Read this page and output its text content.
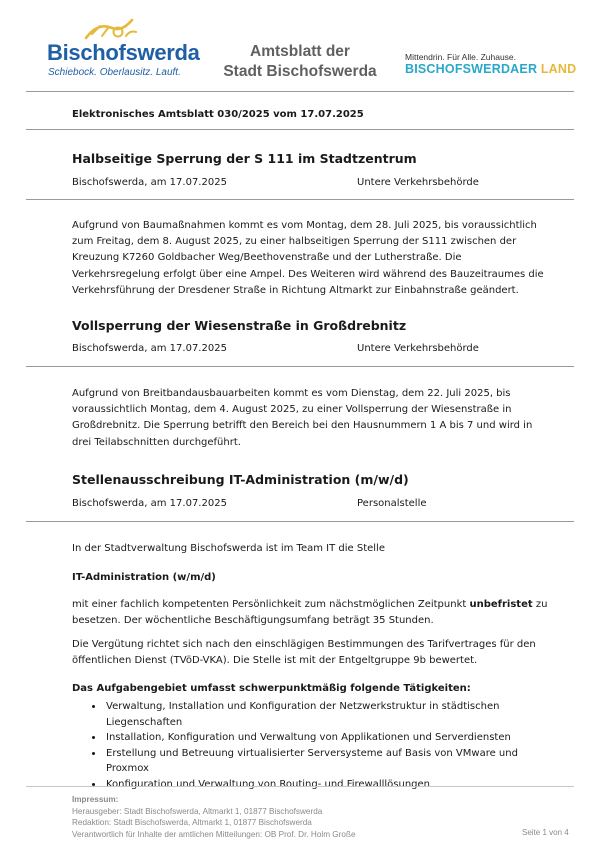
Bischofswerda
Schiebock. Oberlausitz. Lauft.
Amtsblatt der
Stadt Bischofswerda
Mittendrin. Für Alle. Zuhause.
BISCHOFSWERDAER LAND
Elektronisches Amtsblatt 030/2025 vom 17.07.2025
Halbseitige Sperrung der S 111 im Stadtzentrum
Bischofswerda, am 17.07.2025	Untere Verkehrsbehörde
Aufgrund von Baumaßnahmen kommt es vom Montag, dem 28. Juli 2025, bis voraussichtlich zum Freitag, dem 8. August 2025, zu einer halbseitigen Sperrung der S111 zwischen der Kreuzung K7260 Goldbacher Weg/Beethovenstraße und der Lutherstraße. Die Verkehrsregelung erfolgt über eine Ampel. Des Weiteren wird während des Bauzeitraumes die Verkehrsführung der Dresdener Straße in Richtung Altmarkt zur Einbahnstraße geändert.
Vollsperrung der Wiesenstraße in Großdrebnitz
Bischofswerda, am 17.07.2025	Untere Verkehrsbehörde
Aufgrund von Breitbandausbauarbeiten kommt es vom Dienstag, dem 22. Juli 2025, bis voraussichtlich Montag, dem 4. August 2025, zu einer Vollsperrung der Wiesenstraße in Großdrebnitz. Die Sperrung betrifft den Bereich bei den Hausnummern 1 A bis 7 und wird in drei Teilabschnitten durchgeführt.
Stellenausschreibung IT-Administration (m/w/d)
Bischofswerda, am 17.07.2025	Personalstelle
In der Stadtverwaltung Bischofswerda ist im Team IT die Stelle
IT-Administration (w/m/d)
mit einer fachlich kompetenten Persönlichkeit zum nächstmöglichen Zeitpunkt unbefristet zu besetzen. Der wöchentliche Beschäftigungsumfang beträgt 35 Stunden.
Die Vergütung richtet sich nach den einschlägigen Bestimmungen des Tarifvertrages für den öffentlichen Dienst (TVöD-VKA). Die Stelle ist mit der Entgeltgruppe 9b bewertet.
Das Aufgabengebiet umfasst schwerpunktmäßig folgende Tätigkeiten:
• Verwaltung, Installation und Konfiguration der Netzwerkstruktur in städtischen Liegenschaften
• Installation, Konfiguration und Verwaltung von Applikationen und Serverdiensten
• Erstellung und Betreuung virtualisierter Serversysteme auf Basis von VMware und Proxmox
• Konfiguration und Verwaltung von Routing- und Firewalllösungen
Impressum:
Herausgeber: Stadt Bischofswerda, Altmarkt 1, 01877 Bischofswerda
Redaktion: Stadt Bischofswerda, Altmarkt 1, 01877 Bischofswerda
Verantwortlich für Inhalte der amtlichen Mitteilungen: OB Prof. Dr. Holm Große	Seite 1 von 4
